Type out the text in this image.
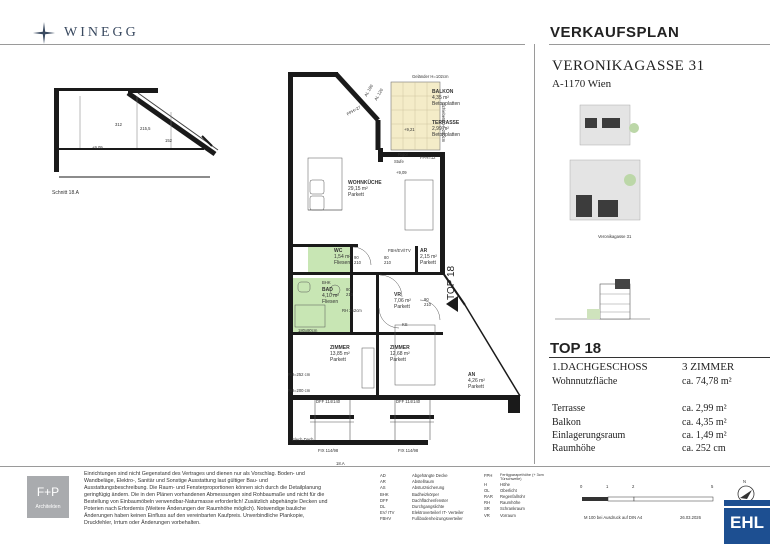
WINEGG	VERKAUFSPLAN
VERONIKAGASSE 31
A-1170 Wien
312
215,5
152
+9,09
Schnitt 18.A
Geländer H=102cm
Schiebetür H=200cm
+9,21
Rigol
Stufe
+9,09
BALKON
4,35 m²
Betonplatten
TERRASSE
2,99 m²
Betonplatten
WOHNKÜCHE
29,15 m²
Parkett
WC
1,54 m²
Fliesen
AR
2,15 m²
Parkett
BAD
4,10 m²
Fliesen
VR
7,06 m²
Parkett
ZIMMER
13,85 m²
Parkett
ZIMMER
12,68 m²
Parkett
AN
4,26 m²
Parkett
AL 180 AL 120
FPH=27
FPH=12
90 210
80 210
80 210
90 210
FBH/EV/ITV
BHK
RH 252cm
RH=252 cm
RH=200 cm
180x80cm
DFF 114/140	DFF 114/140
FIX 114/98	FIX 114/98
18.A
Blech Dach
KS
TOP 18
Veronikagasse 31
TOP 18
1.DACHGESCHOSS	3 ZIMMER
Wohnnutzfläche	ca. 74,78 m²
Terrasse	ca. 2,99 m²
Balkon	ca. 4,35 m²
Einlagerungsraum	ca. 1,49 m²
Raumhöhe	ca. 252 cm
F+P
Architekten
Einrichtungen sind nicht Gegenstand des Vertrages und dienen nur als Vorschlag. Boden- und Wandbeläge, Elektro-, Sanitär und Sonstige Ausstattung laut gültiger Bau- und Ausstattungsbeschreibung. Die Raum- und Fensterproportionen können sich durch die Detailplanung geringfügig ändern. Die in den Plänen vorhandenen Abmessungen sind Rohbaumaße und nicht für die Bestellung von Einbaumöbeln verwendbar-Naturmasse erforderlich! Zusätzlich abgehängte Decken und Poterien nach Erfordernis (Weitere Änderungen der Raumhöhe möglich). Notwendige bauliche Änderungen haben keinen Einfluss auf den vereinbarten Kaufpreis. Unverbindliche Plankopie, Druckfehler, Irrtum oder Änderungen vorbehalten.
AD	Abgehängte Decke
AR	Abstellraum
AS	Absturzsicherung
BHK	Badheizkörper
DFF	Dachflächenfenster
DL	Durchgangslichte
EV/ ITV	Elektroverteiler/ IT- Verteiler
FBHV	Fußbodenheizungsverteiler
FPH Fertigparapethöhe (+ 3cm Türschwelle)
H	Höhe
OL Oberlicht
RAR Regenfallrohr
RH Raumhöhe
SR Schrankraum
VR Vorraum
0	1	2	5
N
M 100 bei Ausdruck auf DIN A4	26.03.2026	EHL
